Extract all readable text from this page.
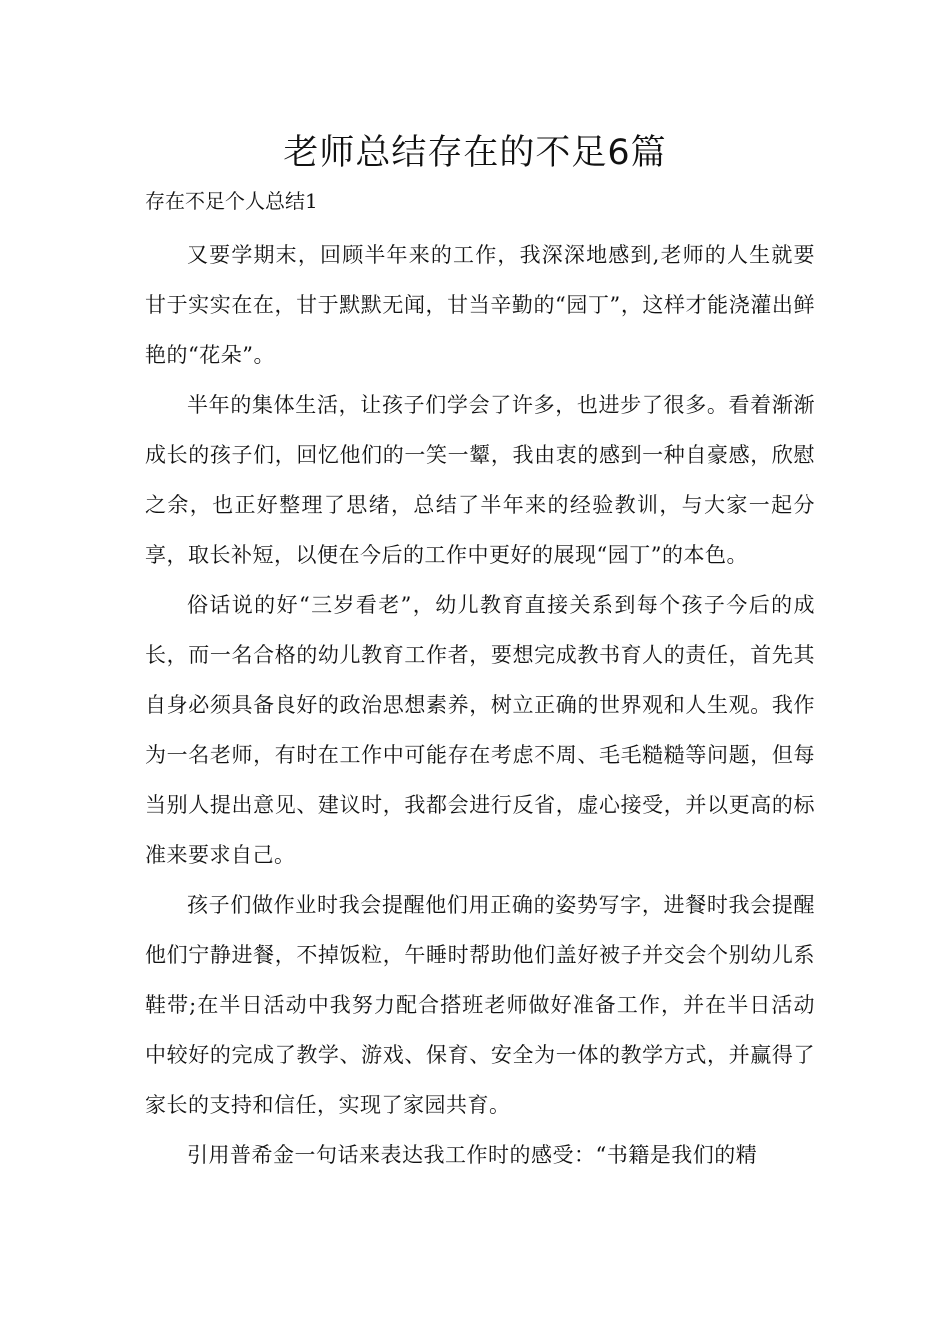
老师总结存在的不足6篇

存在不足个人总结1

又要学期末，回顾半年来的工作，我深深地感到,老师的人生就要甘于实实在在，甘于默默无闻，甘当辛勤的“园丁”，这样才能浇灌出鲜艳的“花朵”。

半年的集体生活，让孩子们学会了许多，也进步了很多。看着渐渐成长的孩子们，回忆他们的一笑一颦，我由衷的感到一种自豪感，欣慰之余，也正好整理了思绪，总结了半年来的经验教训，与大家一起分享，取长补短，以便在今后的工作中更好的展现“园丁”的本色。

俗话说的好“三岁看老”，幼儿教育直接关系到每个孩子今后的成长，而一名合格的幼儿教育工作者，要想完成教书育人的责任，首先其自身必须具备良好的政治思想素养，树立正确的世界观和人生观。我作为一名老师，有时在工作中可能存在考虑不周、毛毛糙糙等问题，但每当别人提出意见、建议时，我都会进行反省，虚心接受，并以更高的标准来要求自己。

孩子们做作业时我会提醒他们用正确的姿势写字，进餐时我会提醒他们宁静进餐，不掉饭粒，午睡时帮助他们盖好被子并交会个别幼儿系鞋带;在半日活动中我努力配合搭班老师做好准备工作，并在半日活动中较好的完成了教学、游戏、保育、安全为一体的教学方式，并赢得了家长的支持和信任，实现了家园共育。

引用普希金一句话来表达我工作时的感受：“书籍是我们的精
